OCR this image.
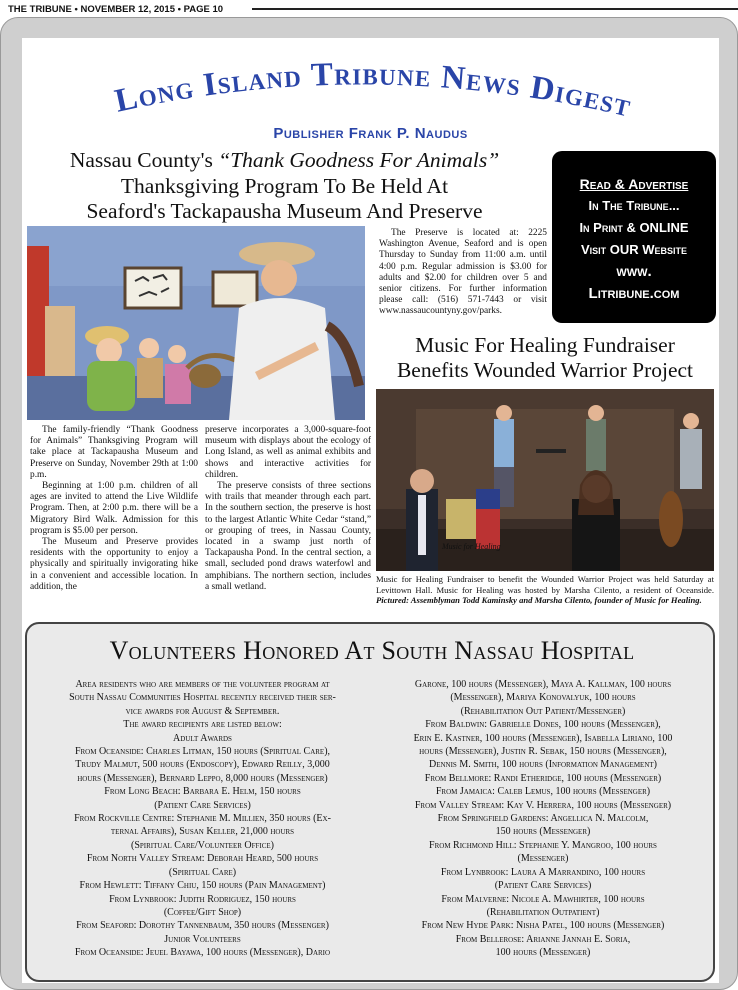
THE TRIBUNE • NOVEMBER 12, 2015 • PAGE 10
Long Island Tribune News Digest
Publisher Frank P. Naudus
Nassau County's “Thank Goodness For Animals”
Thanksgiving Program To Be Held At
Seaford's Tackapausha Museum And Preserve
Read & Advertise
In The Tribune...
In Print & ONLINE
Visit OUR Website
www.
Litribune.com

The family-friendly “Thank Goodness for Animals” Thanksgiving Program will take place at Tackapausha Museum and Preserve on Sunday, November 29th at 1:00 p.m.

Beginning at 1:00 p.m. children of all ages are invited to attend the Live Wildlife Program. Then, at 2:00 p.m. there will be a Migratory Bird Walk. Admission for this program is $5.00 per person.

The Museum and Preserve provides residents with the opportunity to enjoy a physically and spiritually invigorating hike in a convenient and accessible location. In addition, the

preserve incorporates a 3,000-square-foot museum with displays about the ecology of Long Island, as well as animal exhibits and shows and interactive activities for children.

The preserve consists of three sections with trails that meander through each part. In the southern section, the preserve is host to the largest Atlantic White Cedar “stand,” or grouping of trees, in Nassau County, located in a swamp just north of Tackapausha Pond. In the central section, a small, secluded pond draws waterfowl and amphibians. The northern section, includes a small wetland.

The Preserve is located at: 2225 Washington Avenue, Seaford and is open Thursday to Sunday from 11:00 a.m. until 4:00 p.m. Regular admission is $3.00 for adults and $2.00 for children over 5 and senior citizens. For further information please call: (516) 571-7443 or visit www.nassaucountyny.gov/parks.

Music For Healing Fundraiser
Benefits Wounded Warrior Project
Music for Healing
Music for Healing Fundraiser to benefit the Wounded Warrior Project was held Saturday at Levittown Hall. Music for Healing was hosted by Marsha Cilento, a resident of Oceanside. Pictured: Assemblyman Todd Kaminsky and Marsha Cilento, founder of Music for Healing.
Volunteers Honored At South Nassau Hospital
Area residents who are members of the volunteer program at
South Nassau Communities Hospital recently received their ser-
vice awards for August & September.
The award recipients are listed below:
Adult Awards
From Oceanside: Charles Litman, 150 hours (Spiritual Care),
Trudy Malmut, 500 hours (Endoscopy), Edward Reilly, 3,000
hours (Messenger), Bernard Leppo, 8,000 hours (Messenger)
From Long Beach: Barbara E. Helm, 150 hours
(Patient Care Services)
From Rockville Centre: Stephanie M. Millien, 350 hours (Ex-
ternal Affairs), Susan Keller, 21,000 hours
(Spiritual Care/Volunteer Office)
From North Valley Stream: Deborah Heard, 500 hours
(Spiritual Care)
From Hewlett: Tiffany Chiu, 150 hours (Pain Management)
From Lynbrook: Judith Rodriguez, 150 hours
(Coffee/Gift Shop)
From Seaford: Dorothy Tannenbaum, 350 hours (Messenger)
Junior Volunteers
From Oceanside: Jeuel Bayawa, 100 hours (Messenger), Dario
Garone, 100 hours (Messenger), Maya A. Kallman, 100 hours
(Messenger), Mariya Konovalyuk, 100 hours
(Rehabilitation Out Patient/Messenger)
From Baldwin: Gabrielle Dones, 100 hours (Messenger),
Erin E. Kastner, 100 hours (Messenger), Isabella Liriano, 100
hours (Messenger), Justin R. Sebak, 150 hours (Messenger),
Dennis M. Smith, 100 hours (Information Management)
From Bellmore: Randi Etheridge, 100 hours (Messenger)
From Jamaica: Caleb Lemus, 100 hours (Messenger)
From Valley Stream: Kay V. Herrera, 100 hours (Messenger)
From Springfield Gardens: Angellica N. Malcolm,
150 hours (Messenger)
From Richmond Hill: Stephanie Y. Mangroo, 100 hours
(Messenger)
From Lynbrook: Laura A Marrandino, 100 hours
(Patient Care Services)
From Malverne: Nicole A. Mawhirter, 100 hours
(Rehabilitation Outpatient)
From New Hyde Park: Nisha Patel, 100 hours (Messenger)
From Bellerose: Arianne Jannah E. Soria,
100 hours (Messenger)
